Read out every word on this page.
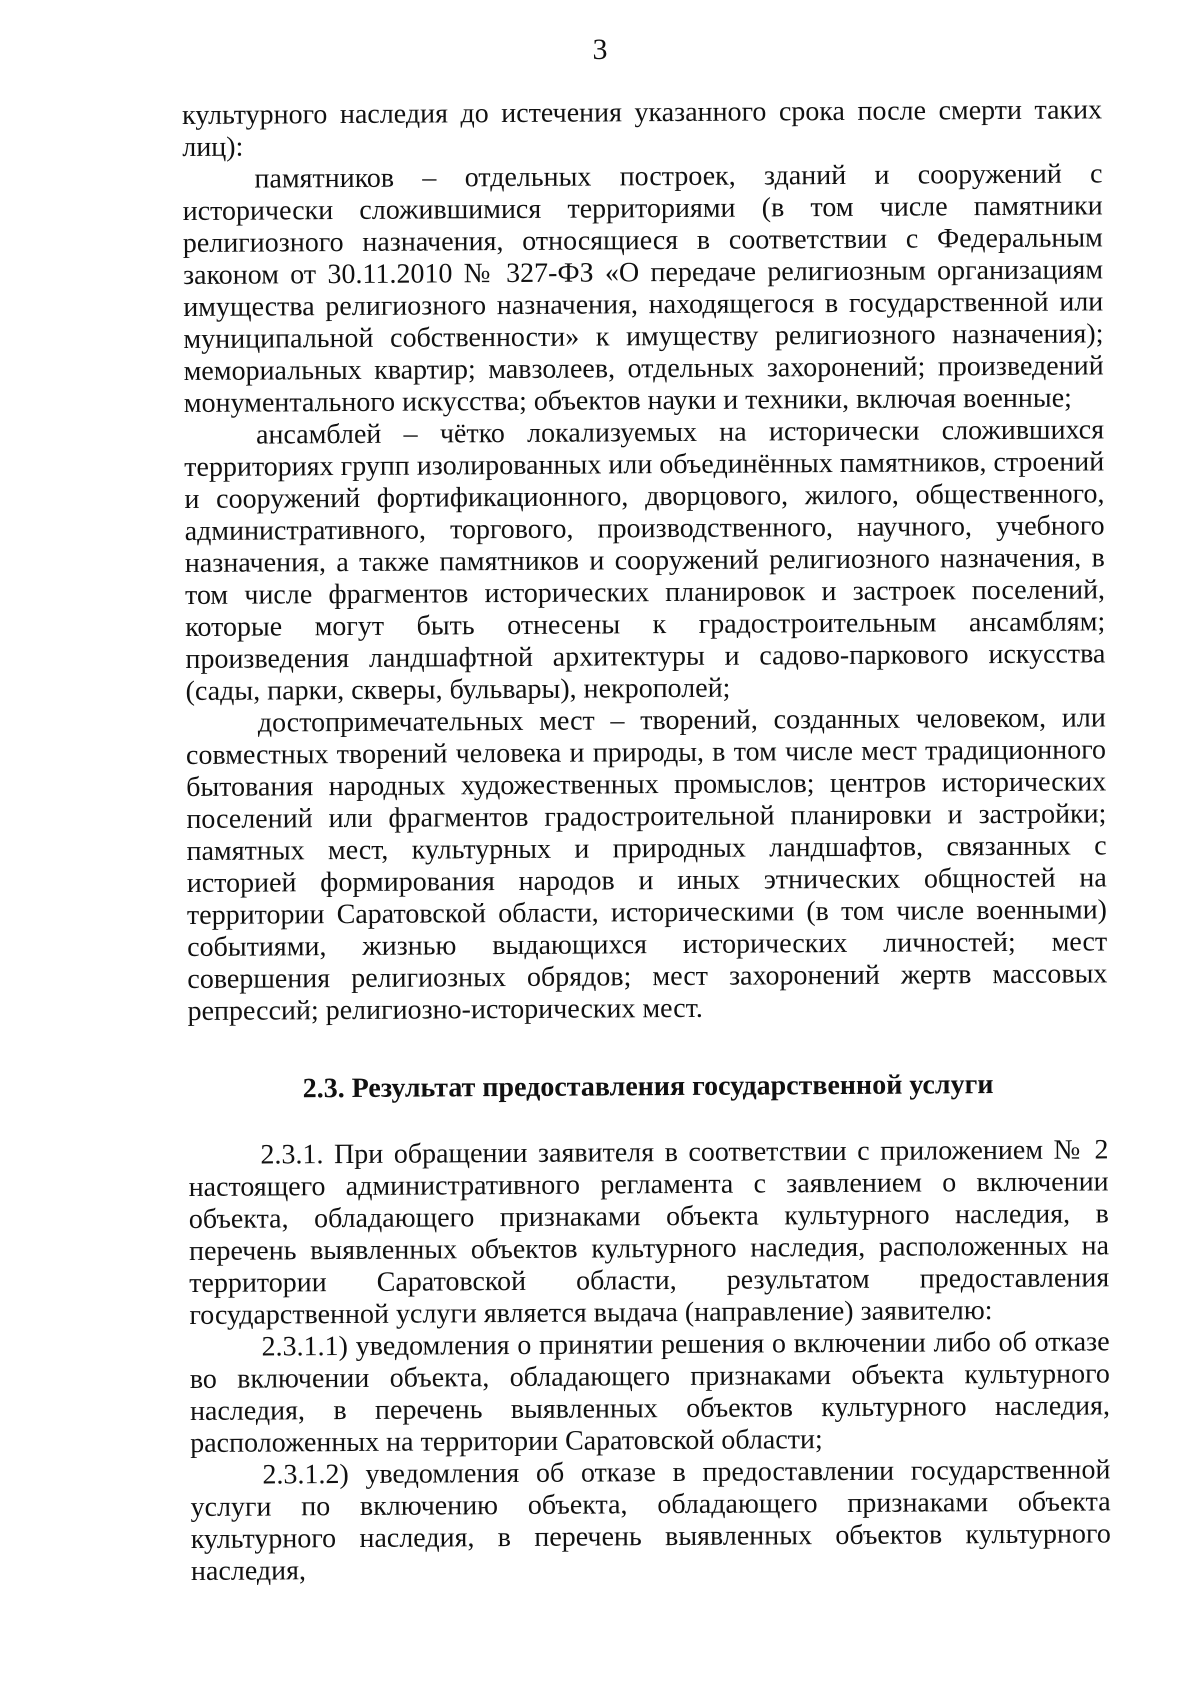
3

культурного наследия до истечения указанного срока после смерти таких лиц):

памятников – отдельных построек, зданий и сооружений с исторически сложившимися территориями (в том числе памятники религиозного назначения, относящиеся в соответствии с Федеральным законом от 30.11.2010 № 327-ФЗ «О передаче религиозным организациям имущества религиозного назначения, находящегося в государственной или муниципальной собственности» к имуществу религиозного назначения); мемориальных квартир; мавзолеев, отдельных захоронений; произведений монументального искусства; объектов науки и техники, включая военные;

ансамблей – чётко локализуемых на исторически сложившихся территориях групп изолированных или объединённых памятников, строений и сооружений фортификационного, дворцового, жилого, общественного, административного, торгового, производственного, научного, учебного назначения, а также памятников и сооружений религиозного назначения, в том числе фрагментов исторических планировок и застроек поселений, которые могут быть отнесены к градостроительным ансамблям; произведения ландшафтной архитектуры и садово-паркового искусства (сады, парки, скверы, бульвары), некрополей;

достопримечательных мест – творений, созданных человеком, или совместных творений человека и природы, в том числе мест традиционного бытования народных художественных промыслов; центров исторических поселений или фрагментов градостроительной планировки и застройки; памятных мест, культурных и природных ландшафтов, связанных с историей формирования народов и иных этнических общностей на территории Саратовской области, историческими (в том числе военными) событиями, жизнью выдающихся исторических личностей; мест совершения религиозных обрядов; мест захоронений жертв массовых репрессий; религиозно-исторических мест.

2.3. Результат предоставления государственной услуги

2.3.1. При обращении заявителя в соответствии с приложением № 2 настоящего административного регламента с заявлением о включении объекта, обладающего признаками объекта культурного наследия, в перечень выявленных объектов культурного наследия, расположенных на территории Саратовской области, результатом предоставления государственной услуги является выдача (направление) заявителю:

2.3.1.1) уведомления о принятии решения о включении либо об отказе во включении объекта, обладающего признаками объекта культурного наследия, в перечень выявленных объектов культурного наследия, расположенных на территории Саратовской области;

2.3.1.2) уведомления об отказе в предоставлении государственной услуги по включению объекта, обладающего признаками объекта культурного наследия, в перечень выявленных объектов культурного наследия,
